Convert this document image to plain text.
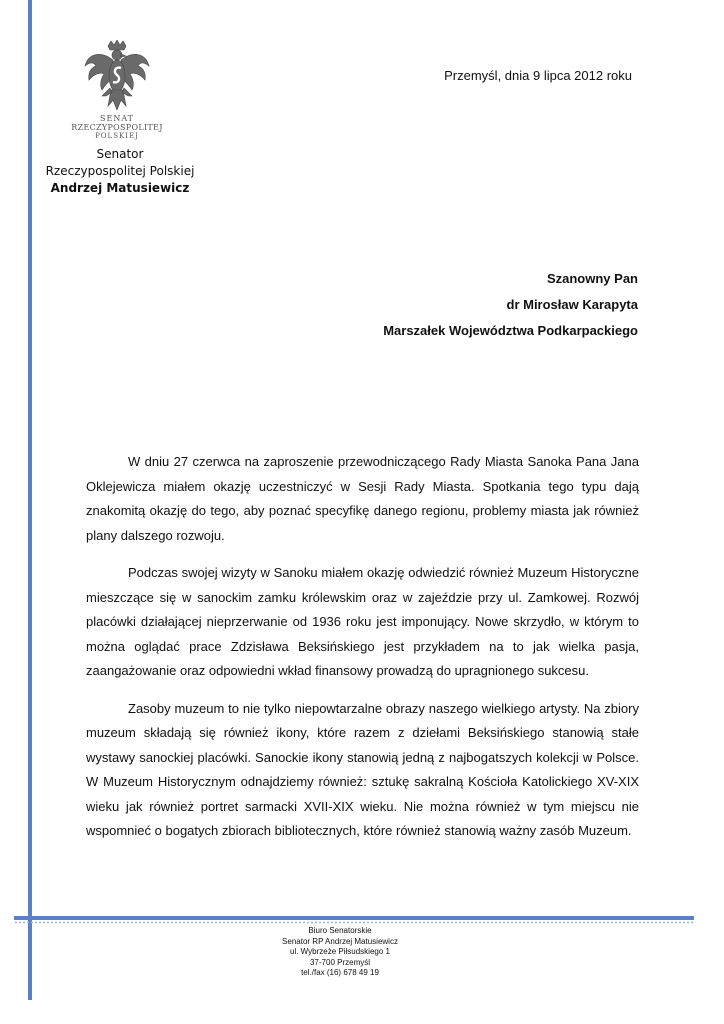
SENAT
RZECZYPOSPOLITEJ
POLSKIEJ
Senator
Rzeczypospolitej Polskiej
Andrzej Matusiewicz
Przemyśl, dnia 9 lipca 2012 roku
Szanowny Pan
dr Mirosław Karapyta
Marszałek Województwa Podkarpackiego

W dniu 27 czerwca na zaproszenie przewodniczącego Rady Miasta Sanoka Pana Jana Oklejewicza miałem okazję uczestniczyć w Sesji Rady Miasta. Spotkania tego typu dają znakomitą okazję do tego, aby poznać specyfikę danego regionu, problemy miasta jak również plany dalszego rozwoju.

Podczas swojej wizyty w Sanoku miałem okazję odwiedzić również Muzeum Historyczne mieszczące się w sanockim zamku królewskim oraz w zajeździe przy ul. Zamkowej. Rozwój placówki działającej nieprzerwanie od 1936 roku jest imponujący. Nowe skrzydło, w którym to można oglądać prace Zdzisława Beksińskiego jest przykładem na to jak wielka pasja, zaangażowanie oraz odpowiedni wkład finansowy prowadzą do upragnionego sukcesu.

Zasoby muzeum to nie tylko niepowtarzalne obrazy naszego wielkiego artysty. Na zbiory muzeum składają się również ikony, które razem z dziełami Beksińskiego stanowią stałe wystawy sanockiej placówki. Sanockie ikony stanowią jedną z najbogatszych kolekcji w Polsce. W Muzeum Historycznym odnajdziemy również: sztukę sakralną Kościoła Katolickiego XV-XIX wieku jak również portret sarmacki XVII-XIX wieku. Nie można również w tym miejscu nie wspomnieć o bogatych zbiorach bibliotecznych, które również stanowią ważny zasób Muzeum.

Biuro Senatorskie
Senator RP Andrzej Matusiewicz
ul. Wybrzeże Piłsudskiego 1
37-700 Przemyśl
tel./fax (16) 678 49 19
